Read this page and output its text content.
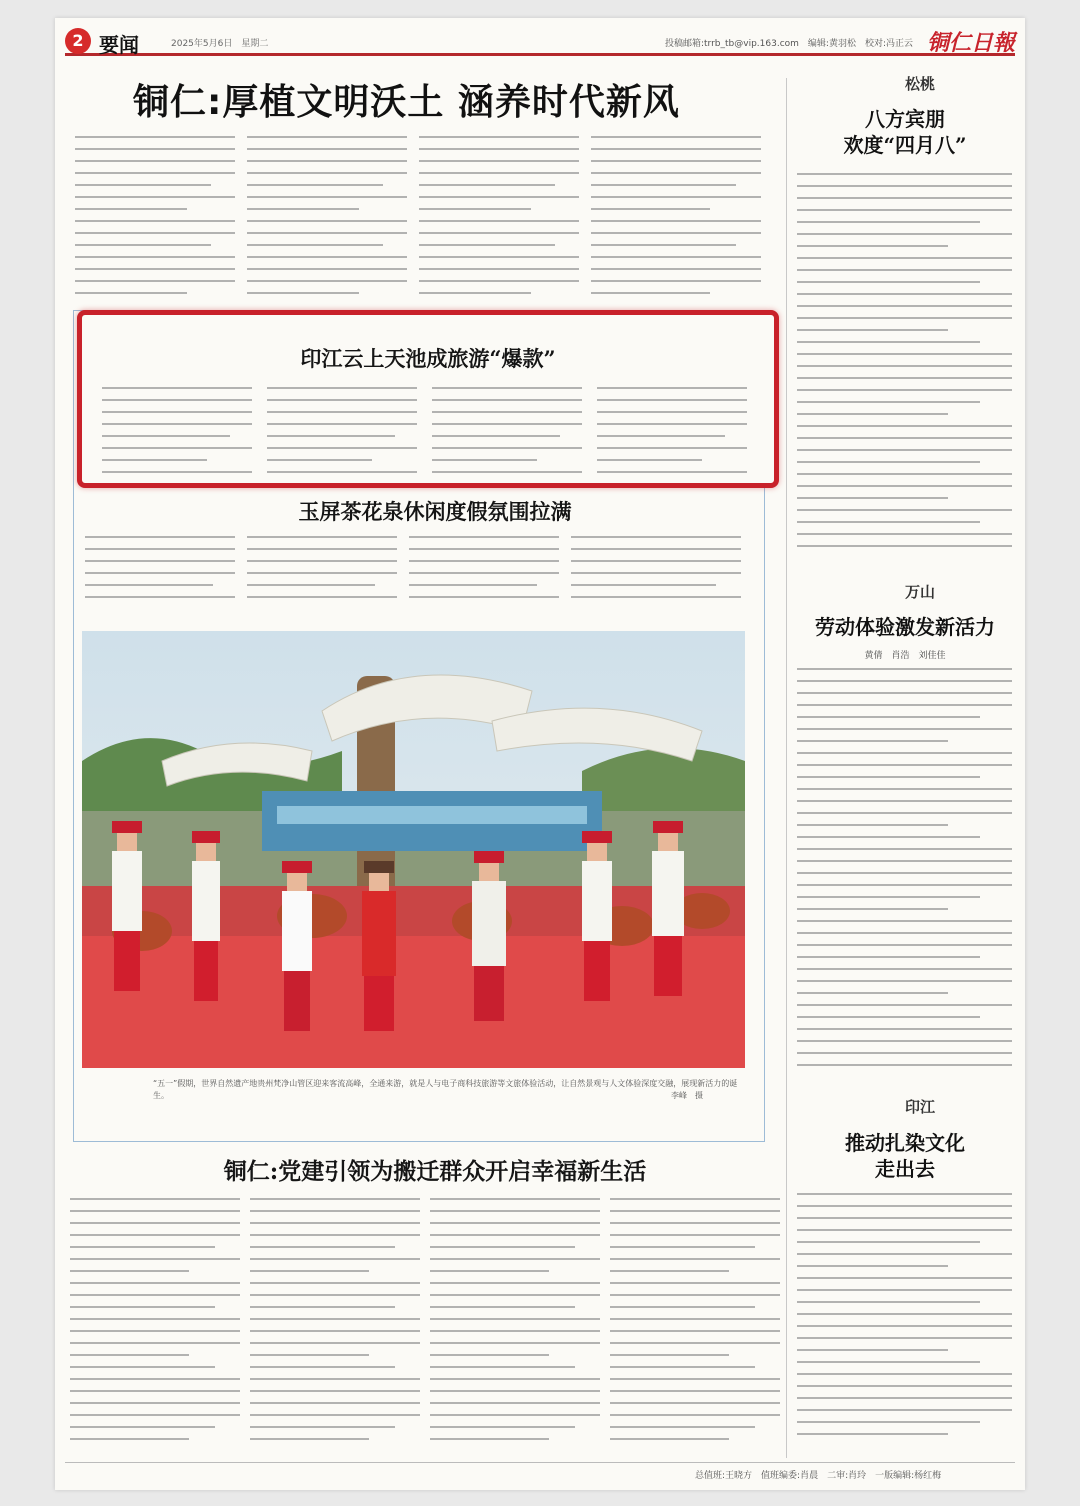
2 要闻	2025年5月6日　星期二	投稿邮箱:trrb_tb@vip.163.com　编辑:黄羽松　校对:冯正云 铜仁日報
铜仁:厚植文明沃土 涵养时代新风
印江云上天池成旅游“爆款”
玉屏茶花泉休闲度假氛围拉满
“五一”假期，世界自然遗产地贵州梵净山管区迎来客流高峰，全通来游，就是人与电子商科技旅游等文旅体验活动，让自然景观与人文体验深度交融，展现新活力的诞生。	李峰　摄
铜仁:党建引领为搬迁群众开启幸福新生活
松桃
八方宾朋
欢度“四月八”
万山
劳动体验激发新活力
黄倩　肖浩　刘佳佳
印江
推动扎染文化
走出去
总值班:王晓方　值班编委:肖晨　二审:肖玲　一版编辑:杨红梅
